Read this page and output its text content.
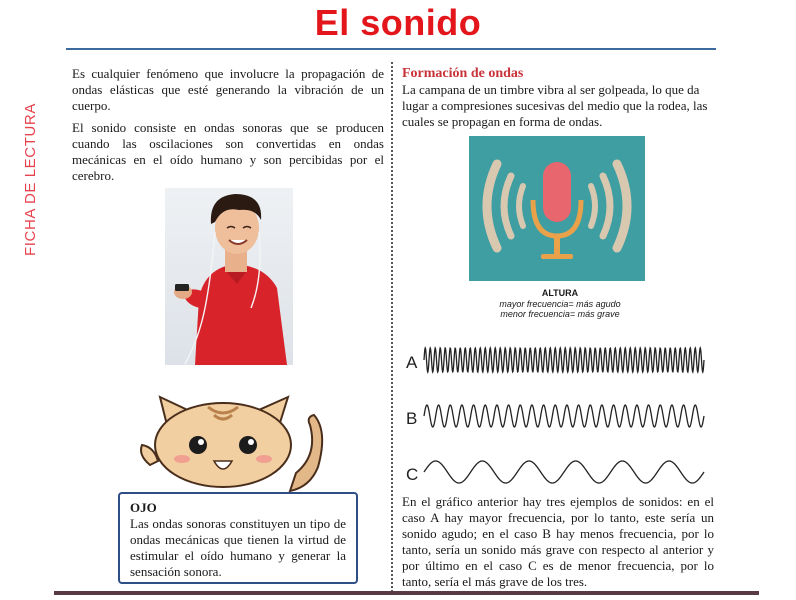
El sonido
FICHA DE LECTURA

Es cualquier fenómeno que involucre la propagación de ondas elásticas que esté generando la vibración de un cuerpo.

El sonido consiste en ondas sonoras que se producen cuando las oscilaciones son convertidas en ondas mecánicas en el oído humano y son percibidas por el cerebro.

OJO
Las ondas sonoras constituyen un tipo de ondas mecánicas que tienen la virtud de estimular el oído humano y generar la sensación sonora.
Formación de ondas

La campana de un timbre vibra al ser golpeada, lo que da lugar a compresiones sucesivas del medio que la rodea, las cuales se propagan en forma de ondas.

ALTURA
mayor frecuencia= más agudo
menor frecuencia= más grave
A
B
C
En el gráfico anterior hay tres ejemplos de sonidos: en el caso A hay mayor frecuencia, por lo tanto, este sería un sonido agudo; en el caso B hay menos frecuencia, por lo tanto, sería un sonido más grave con respecto al anterior y por último en el caso C es de menor frecuencia, por lo tanto, sería el más grave de los tres.
